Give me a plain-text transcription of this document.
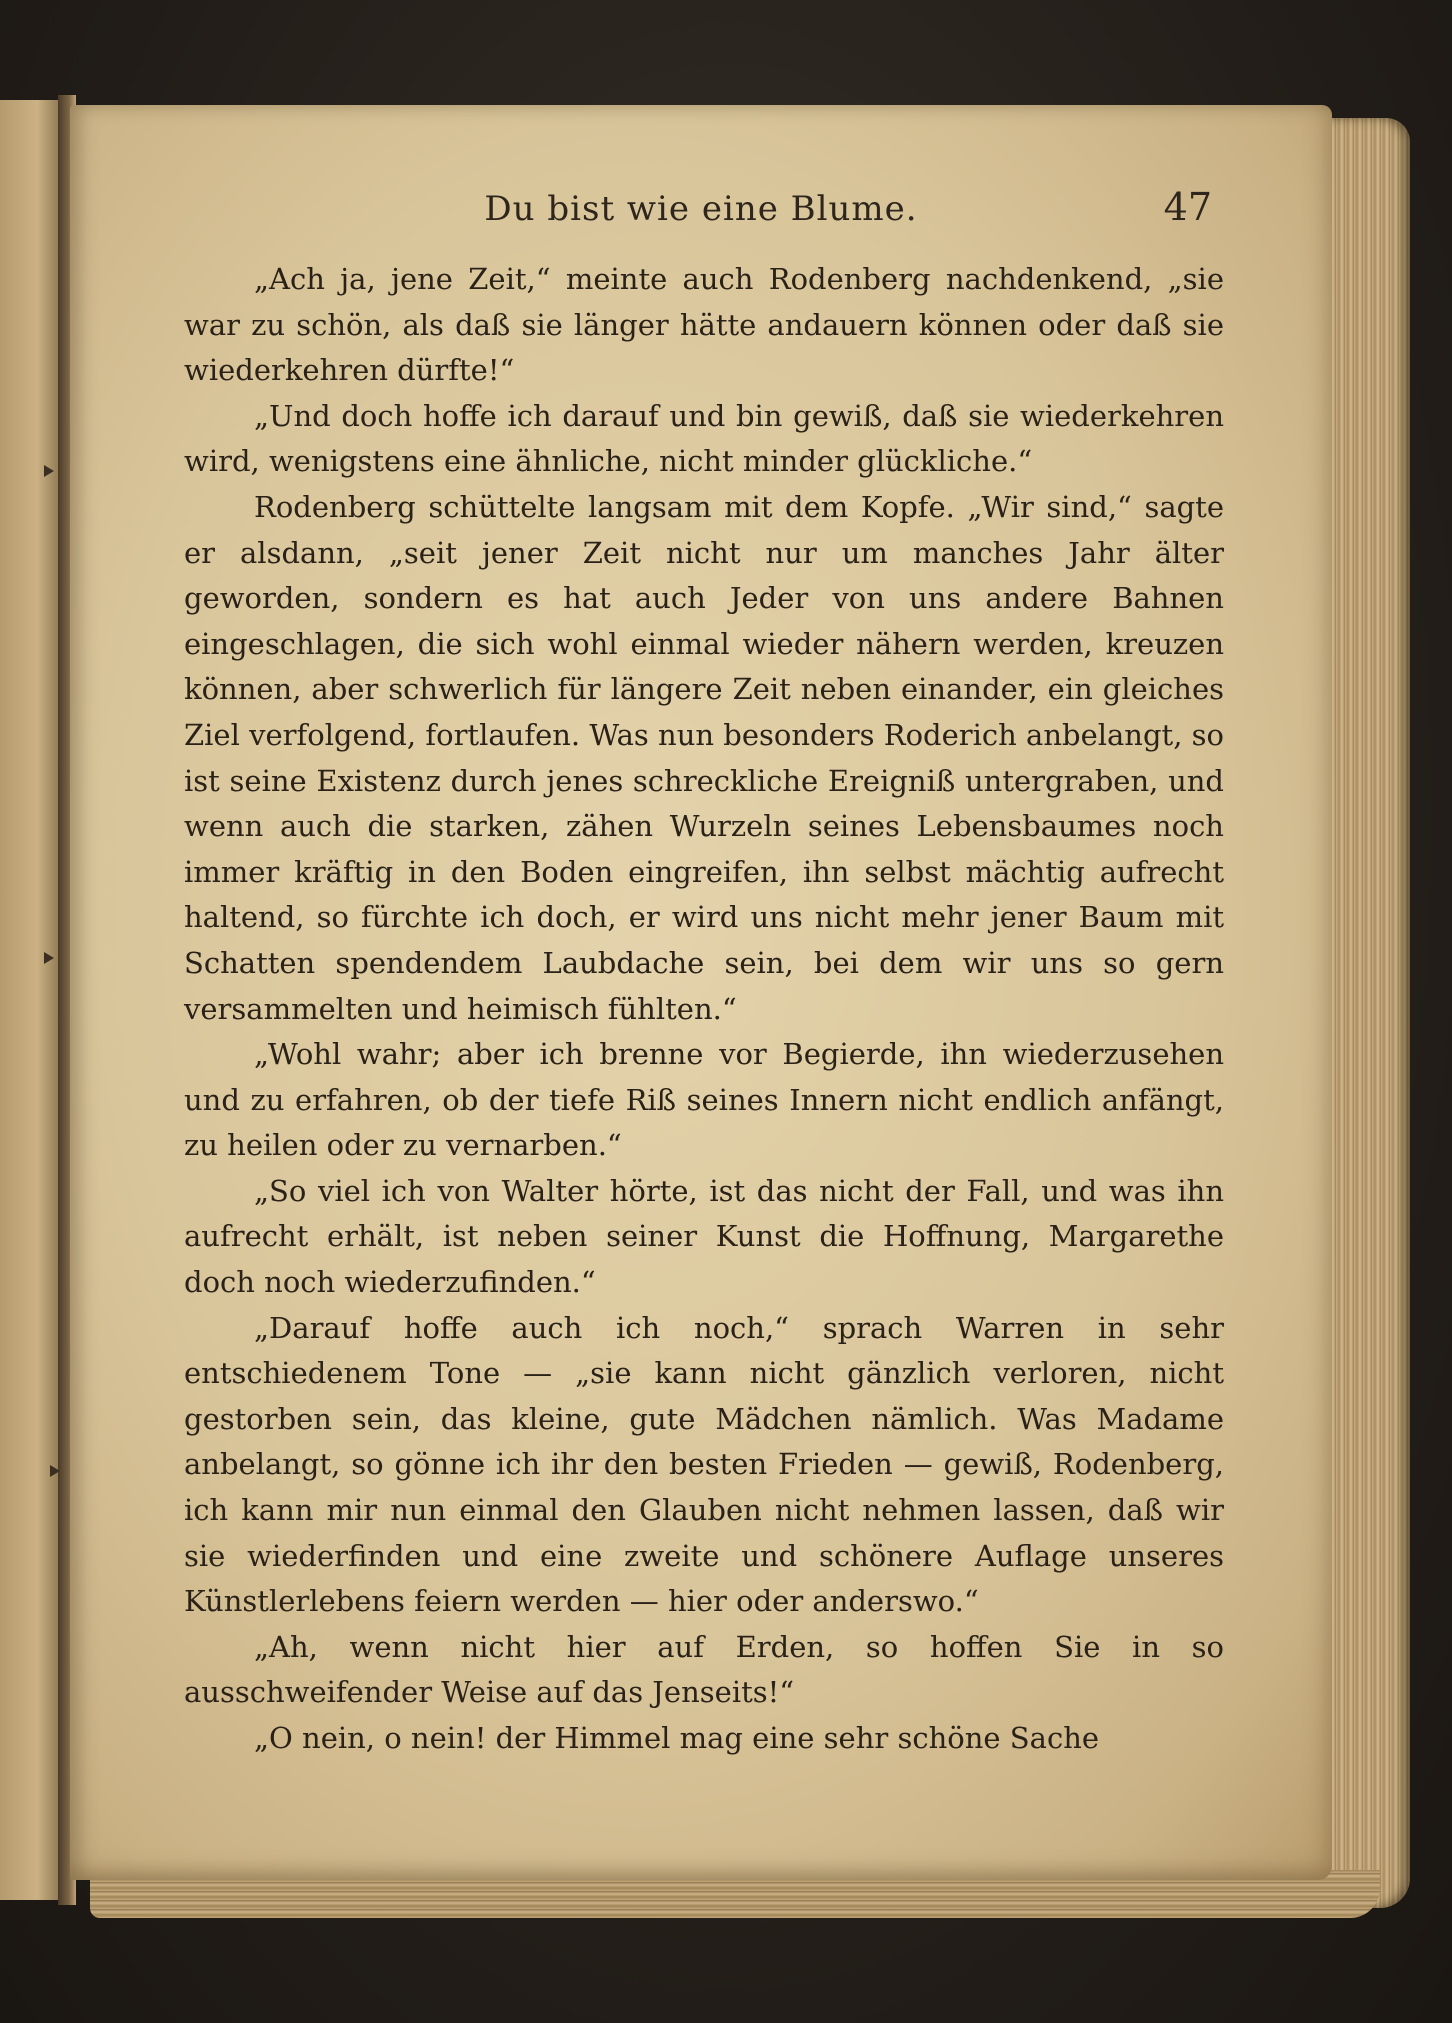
Du bist wie eine Blume.	47

„Ach ja, jene Zeit,“ meinte auch Rodenberg nachdenkend, „sie war zu schön, als daß sie länger hätte andauern können oder daß sie wiederkehren dürfte!“

„Und doch hoffe ich darauf und bin gewiß, daß sie wiederkehren wird, wenigstens eine ähnliche, nicht minder glückliche.“

Rodenberg schüttelte langsam mit dem Kopfe. „Wir sind,“ sagte er alsdann, „seit jener Zeit nicht nur um manches Jahr älter geworden, sondern es hat auch Jeder von uns andere Bahnen eingeschlagen, die sich wohl einmal wieder nähern werden, kreuzen können, aber schwerlich für längere Zeit neben einander, ein gleiches Ziel verfolgend, fortlaufen. Was nun besonders Roderich anbelangt, so ist seine Existenz durch jenes schreckliche Ereigniß untergraben, und wenn auch die starken, zähen Wurzeln seines Lebensbaumes noch immer kräftig in den Boden eingreifen, ihn selbst mächtig aufrecht haltend, so fürchte ich doch, er wird uns nicht mehr jener Baum mit Schatten spendendem Laubdache sein, bei dem wir uns so gern versammelten und heimisch fühlten.“

„Wohl wahr; aber ich brenne vor Begierde, ihn wiederzusehen und zu erfahren, ob der tiefe Riß seines Innern nicht endlich anfängt, zu heilen oder zu vernarben.“

„So viel ich von Walter hörte, ist das nicht der Fall, und was ihn aufrecht erhält, ist neben seiner Kunst die Hoffnung, Margarethe doch noch wiederzufinden.“

„Darauf hoffe auch ich noch,“ sprach Warren in sehr entschiedenem Tone — „sie kann nicht gänzlich verloren, nicht gestorben sein, das kleine, gute Mädchen nämlich. Was Madame anbelangt, so gönne ich ihr den besten Frieden — gewiß, Rodenberg, ich kann mir nun einmal den Glauben nicht nehmen lassen, daß wir sie wiederfinden und eine zweite und schönere Auflage unseres Künstlerlebens feiern werden — hier oder anderswo.“

„Ah, wenn nicht hier auf Erden, so hoffen Sie in so ausschweifender Weise auf das Jenseits!“

„O nein, o nein! der Himmel mag eine sehr schöne Sache
